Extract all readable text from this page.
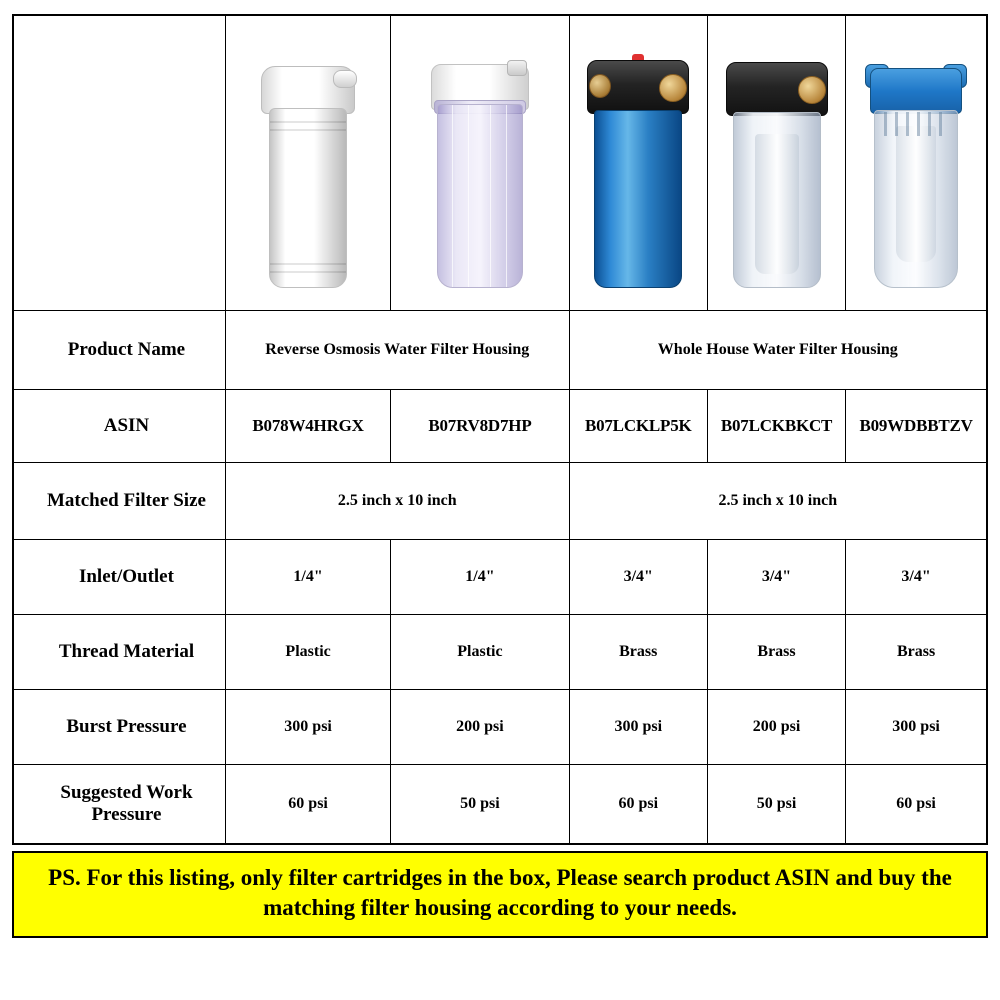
Product Name	Reverse Osmosis Water Filter Housing		Whole House Water Filter Housing		
ASIN	B078W4HRGX	B07RV8D7HP	B07LCKLP5K	B07LCKBKCT	B09WDBBTZV
Matched Filter Size	2.5 inch x 10 inch		2.5 inch x 10 inch		
Inlet/Outlet	1/4"	1/4"	3/4"	3/4"	3/4"
Thread Material	Plastic	Plastic	Brass	Brass	Brass
Burst Pressure	300 psi	200 psi	300 psi	200 psi	300 psi
Suggested Work Pressure	60 psi	50 psi	60 psi	50 psi	60 psi
PS. For this listing, only filter cartridges in the box, Please search product ASIN and buy the matching filter housing according to your needs.
